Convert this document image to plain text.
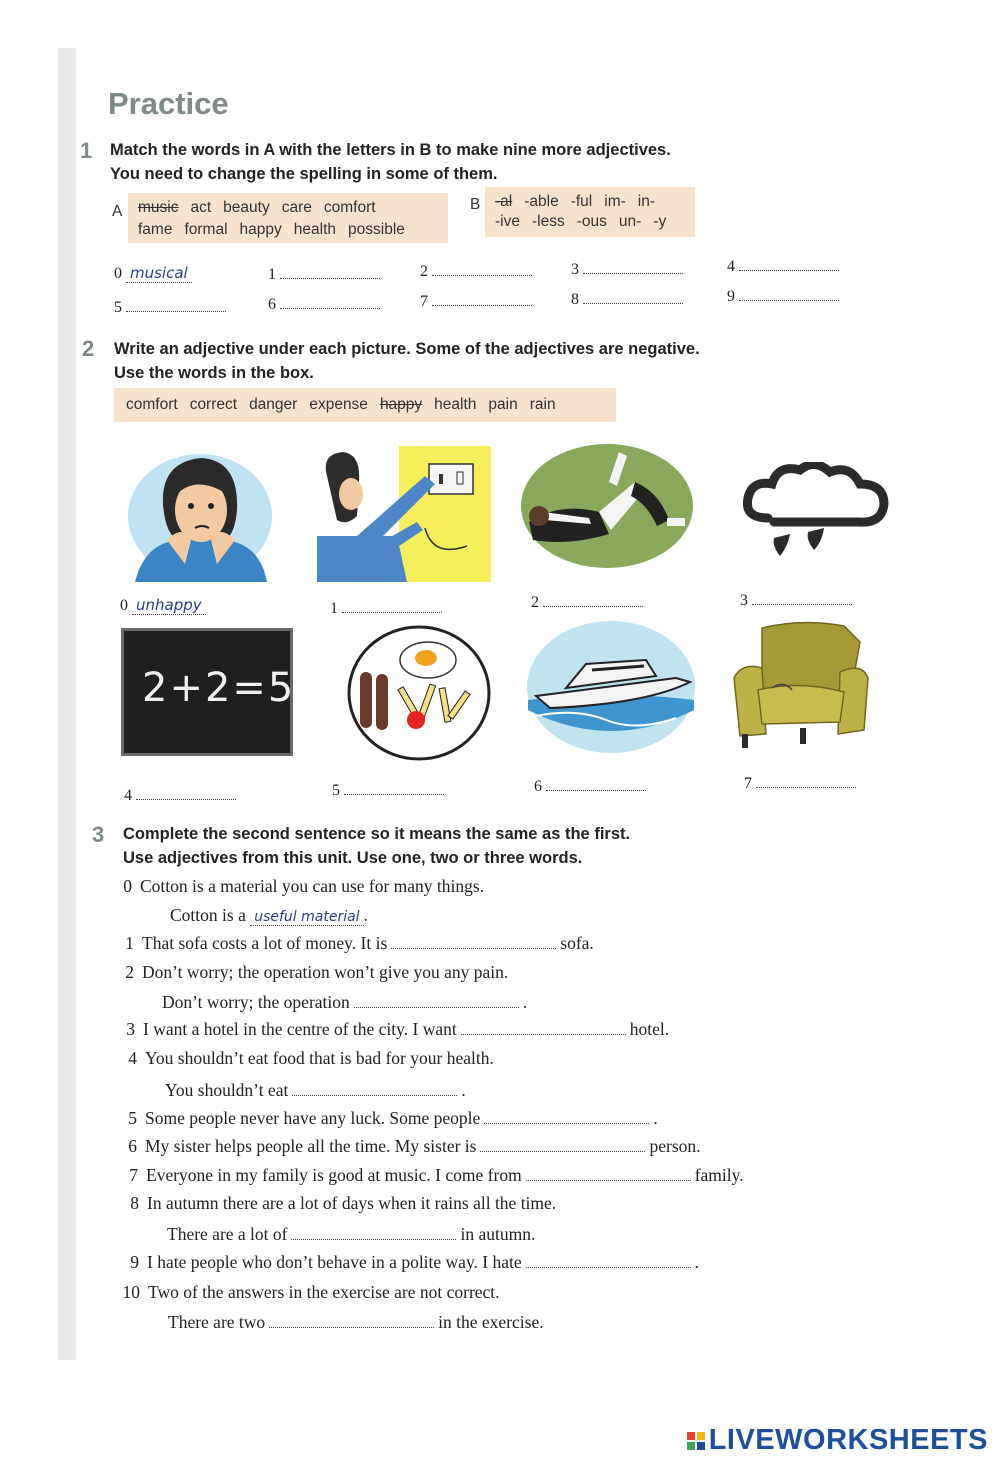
Practice
1 Match the words in A with the letters in B to make nine more adjectives.
You need to change the spelling in some of them.
A music act beauty care comfort
fame formal happy health possible
B -al -able -ful im- in-
-ive -less -ous un- -y
0 musical	1	2	3	4
5	6	7	8	9
2 Write an adjective under each picture. Some of the adjectives are negative.
Use the words in the box.
comfort correct danger expense happy health pain rain
0 unhappy	1	2	3
2+2=5
4	5	6	7
3 Complete the second sentence so it means the same as the first.
Use adjectives from this unit. Use one, two or three words.
0 Cotton is a material you can use for many things.
Cotton is a useful material .
1 That sofa costs a lot of money. It is	sofa.
2 Don’t worry; the operation won’t give you any pain.
Don’t worry; the operation	.
3 I want a hotel in the centre of the city. I want	hotel.
4 You shouldn’t eat food that is bad for your health.
You shouldn’t eat	.
5 Some people never have any luck. Some people	.
6 My sister helps people all the time. My sister is	person.
7 Everyone in my family is good at music. I come from	family.
8 In autumn there are a lot of days when it rains all the time.
There are a lot of	in autumn.
9 I hate people who don’t behave in a polite way. I hate	.
10 Two of the answers in the exercise are not correct.
There are two	in the exercise.
LIVEWORKSHEETS
